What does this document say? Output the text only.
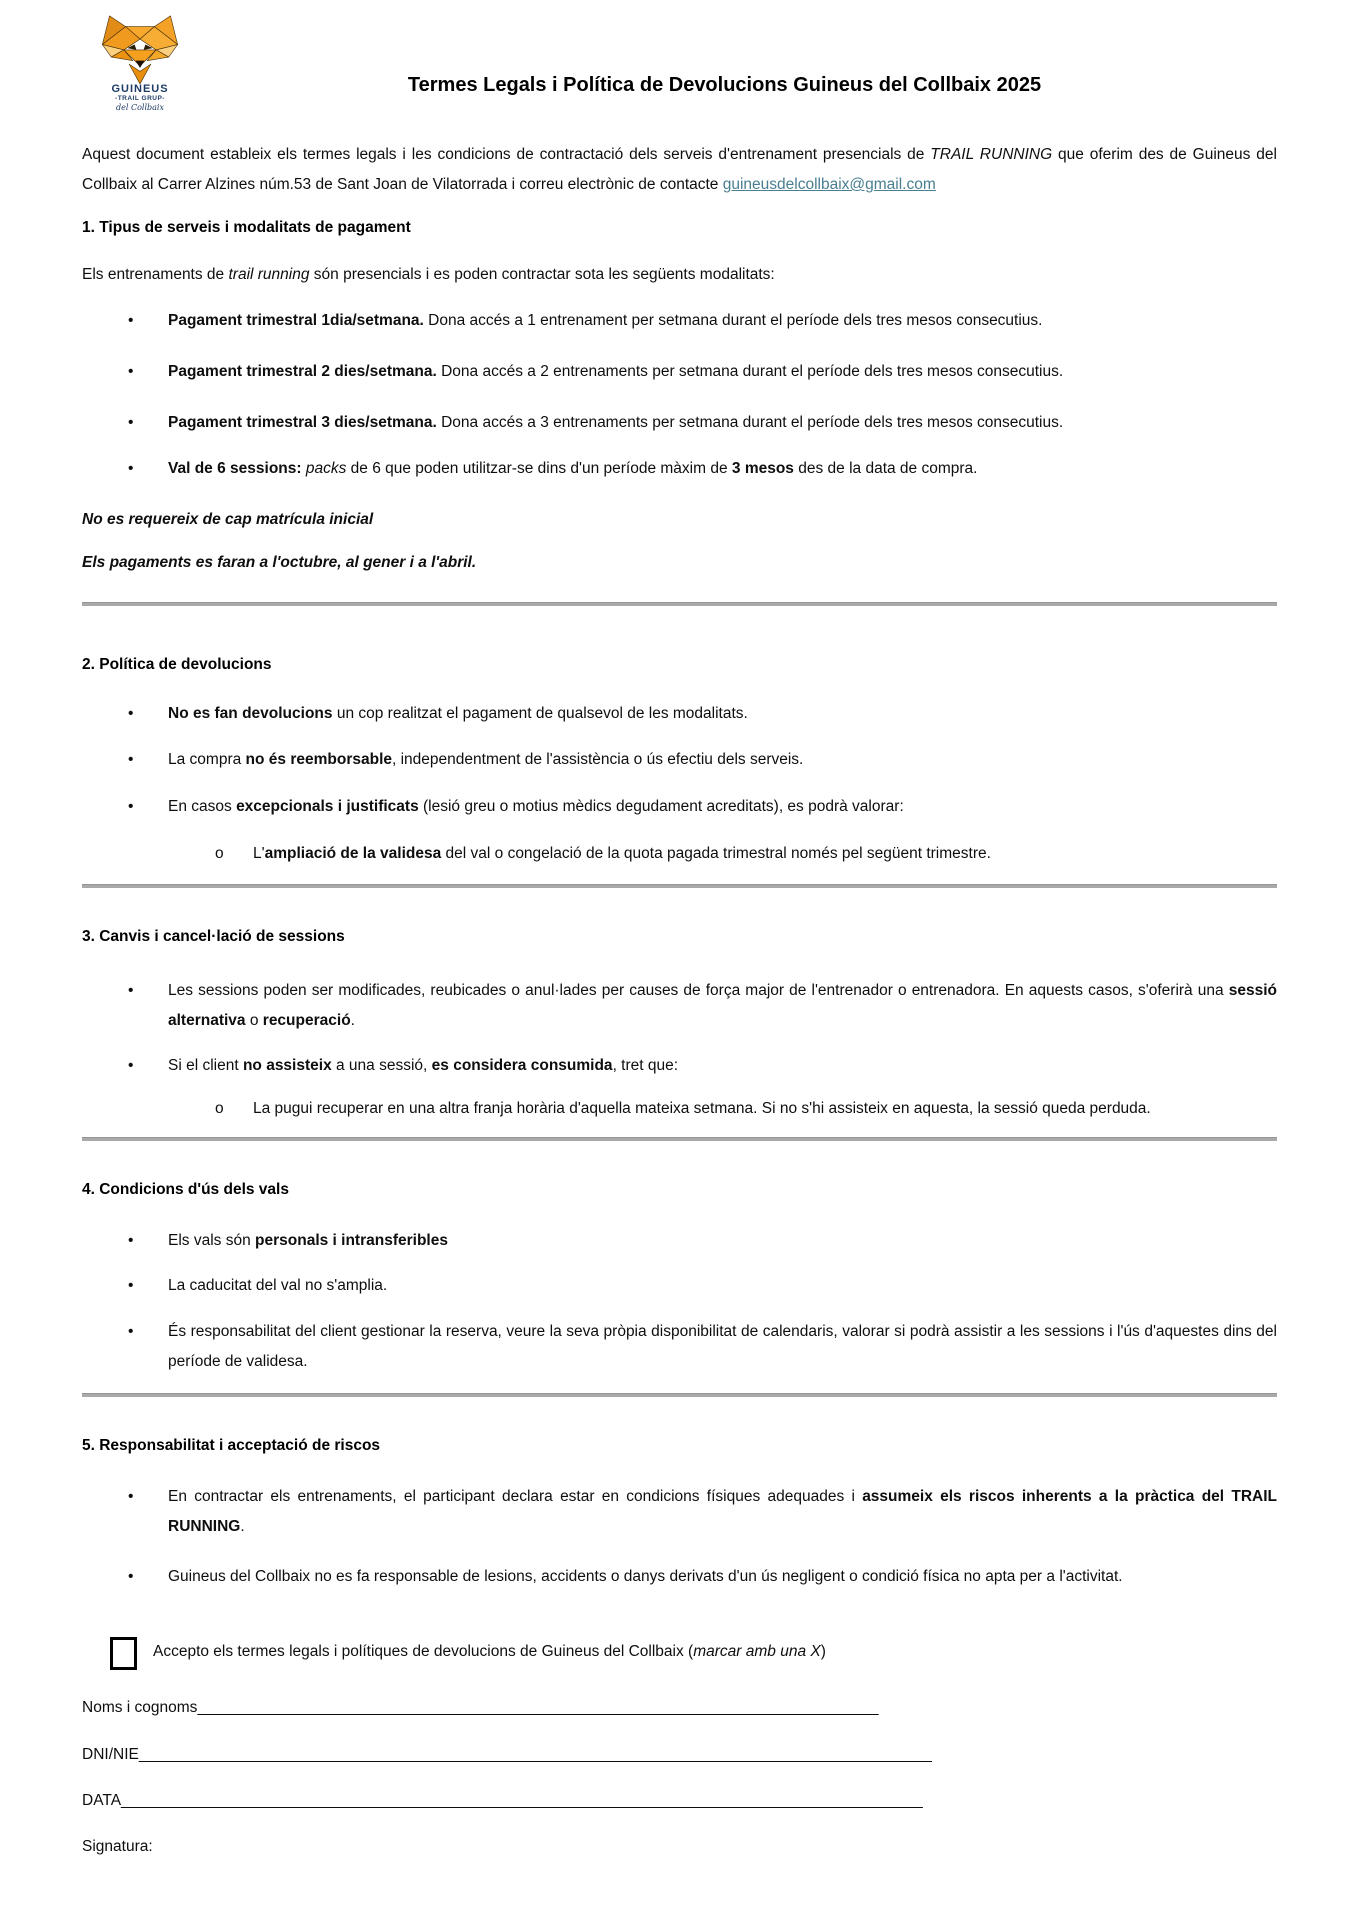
GUINEUS
-TRAIL GRUP-
del Collbaix
Termes Legals i Política de Devolucions Guineus del Collbaix 2025

Aquest document estableix els termes legals i les condicions de contractació dels serveis d'entrenament presencials de TRAIL RUNNING que oferim des de Guineus del Collbaix al Carrer Alzines núm.53 de Sant Joan de Vilatorrada i correu electrònic de contacte guineusdelcollbaix@gmail.com

1. Tipus de serveis i modalitats de pagament

Els entrenaments de trail running són presencials i es poden contractar sota les següents modalitats:

•	Pagament trimestral 1dia/setmana. Dona accés a 1 entrenament per setmana durant el període dels tres mesos consecutius.
•	Pagament trimestral 2 dies/setmana. Dona accés a 2 entrenaments per setmana durant el període dels tres mesos consecutius.
•	Pagament trimestral 3 dies/setmana. Dona accés a 3 entrenaments per setmana durant el període dels tres mesos consecutius.
•	Val de 6 sessions: packs de 6 que poden utilitzar-se dins d'un període màxim de 3 mesos des de la data de compra.

No es requereix de cap matrícula inicial

Els pagaments es faran a l'octubre, al gener i a l'abril.

2. Política de devolucions
•	No es fan devolucions un cop realitzat el pagament de qualsevol de les modalitats.
•	La compra no és reemborsable, independentment de l'assistència o ús efectiu dels serveis.
•	En casos excepcionals i justificats (lesió greu o motius mèdics degudament acreditats), es podrà valorar:
o	L'ampliació de la validesa del val o congelació de la quota pagada trimestral només pel següent trimestre.
3. Canvis i cancel·lació de sessions
•	Les sessions poden ser modificades, reubicades o anul·lades per causes de força major de l'entrenador o entrenadora. En aquests casos, s'oferirà una sessió alternativa o recuperació.
•	Si el client no assisteix a una sessió, es considera consumida, tret que:
o	La pugui recuperar en una altra franja horària d'aquella mateixa setmana. Si no s'hi assisteix en aquesta, la sessió queda perduda.
4. Condicions d'ús dels vals
•	Els vals són personals i intransferibles
•	La caducitat del val no s'amplia.
•	És responsabilitat del client gestionar la reserva, veure la seva pròpia disponibilitat de calendaris, valorar si podrà assistir a les sessions i l'ús d'aquestes dins del període de validesa.
5. Responsabilitat i acceptació de riscos
•	En contractar els entrenaments, el participant declara estar en condicions físiques adequades i assumeix els riscos inherents a la pràctica del TRAIL RUNNING.
•	Guineus del Collbaix no es fa responsable de lesions, accidents o danys derivats d'un ús negligent o condició física no apta per a l'activitat.
Accepto els termes legals i polítiques de devolucions de Guineus del Collbaix (marcar amb una X)
Noms i cognoms_______________________________________________________________________________
DNI/NIE____________________________________________________________________________________________
DATA_____________________________________________________________________________________________

Signatura:
